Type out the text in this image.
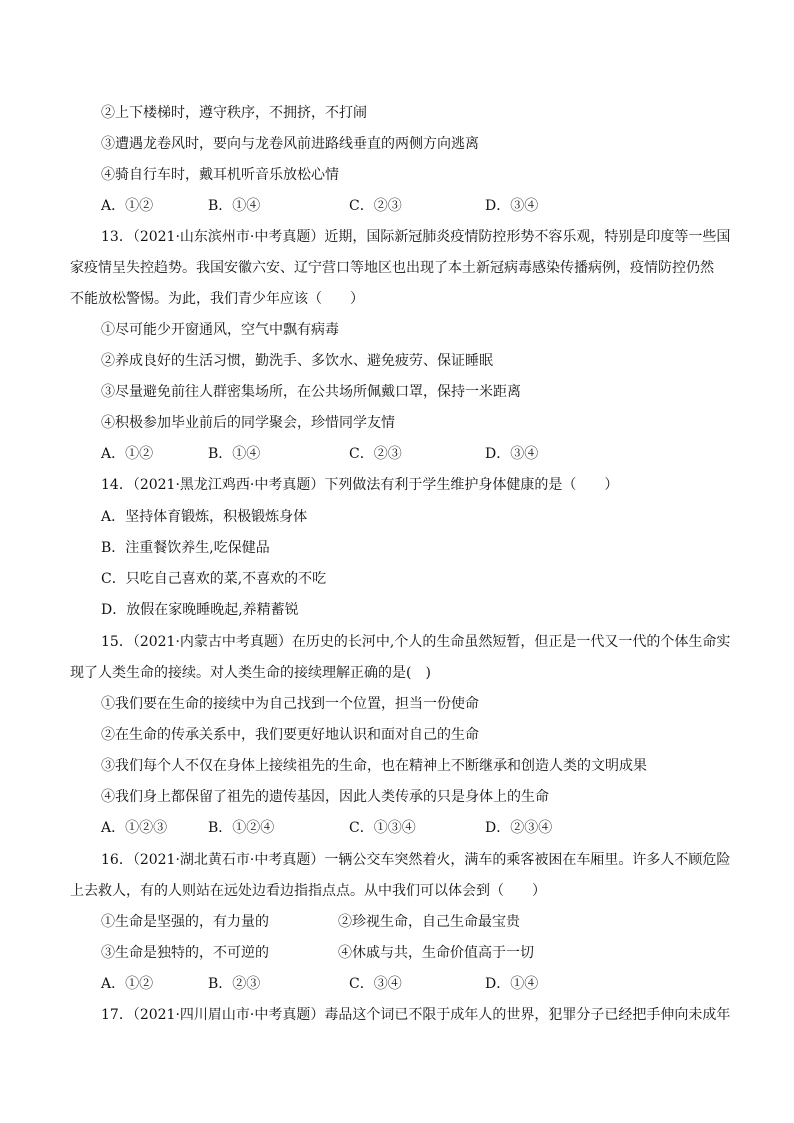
②上下楼梯时，遵守秩序，不拥挤，不打闹
③遭遇龙卷风时，要向与龙卷风前进路线垂直的两侧方向逃离
④骑自行车时，戴耳机听音乐放松心情
A．①②	B．①④	C．②③	D．③④
13．（2021·山东滨州市·中考真题）近期，国际新冠肺炎疫情防控形势不容乐观，特别是印度等一些国
家疫情呈失控趋势。我国安徽六安、辽宁营口等地区也出现了本土新冠病毒感染传播病例，疫情防控仍然
不能放松警惕。为此，我们青少年应该（　　）
①尽可能少开窗通风，空气中飘有病毒
②养成良好的生活习惯，勤洗手、多饮水、避免疲劳、保证睡眠
③尽量避免前往人群密集场所，在公共场所佩戴口罩，保持一米距离
④积极参加毕业前后的同学聚会，珍惜同学友情
A．①②	B．①④	C．②③	D．③④
14．（2021·黑龙江鸡西·中考真题）下列做法有利于学生维护身体健康的是（　　）
A．坚持体育锻炼，积极锻炼身体
B．注重餐饮养生,吃保健品
C．只吃自己喜欢的菜,不喜欢的不吃
D．放假在家晚睡晚起,养精蓄锐
15．（2021·内蒙古中考真题）在历史的长河中,个人的生命虽然短暂，但正是一代又一代的个体生命实
现了人类生命的接续。对人类生命的接续理解正确的是(　)
①我们要在生命的接续中为自己找到一个位置，担当一份使命
②在生命的传承关系中，我们要更好地认识和面对自己的生命
③我们每个人不仅在身体上接续祖先的生命，也在精神上不断继承和创造人类的文明成果
④我们身上都保留了祖先的遗传基因，因此人类传承的只是身体上的生命
A．①②③	B．①②④	C．①③④	D．②③④
16．（2021·湖北黄石市·中考真题）一辆公交车突然着火，满车的乘客被困在车厢里。许多人不顾危险
上去救人，有的人则站在远处边看边指指点点。从中我们可以体会到（　　）
①生命是坚强的，有力量的	②珍视生命，自己生命最宝贵
③生命是独特的，不可逆的	④休戚与共，生命价值高于一切
A．①②	B．②③	C．③④	D．①④
17．（2021·四川眉山市·中考真题）毒品这个词已不限于成年人的世界，犯罪分子已经把手伸向未成年
